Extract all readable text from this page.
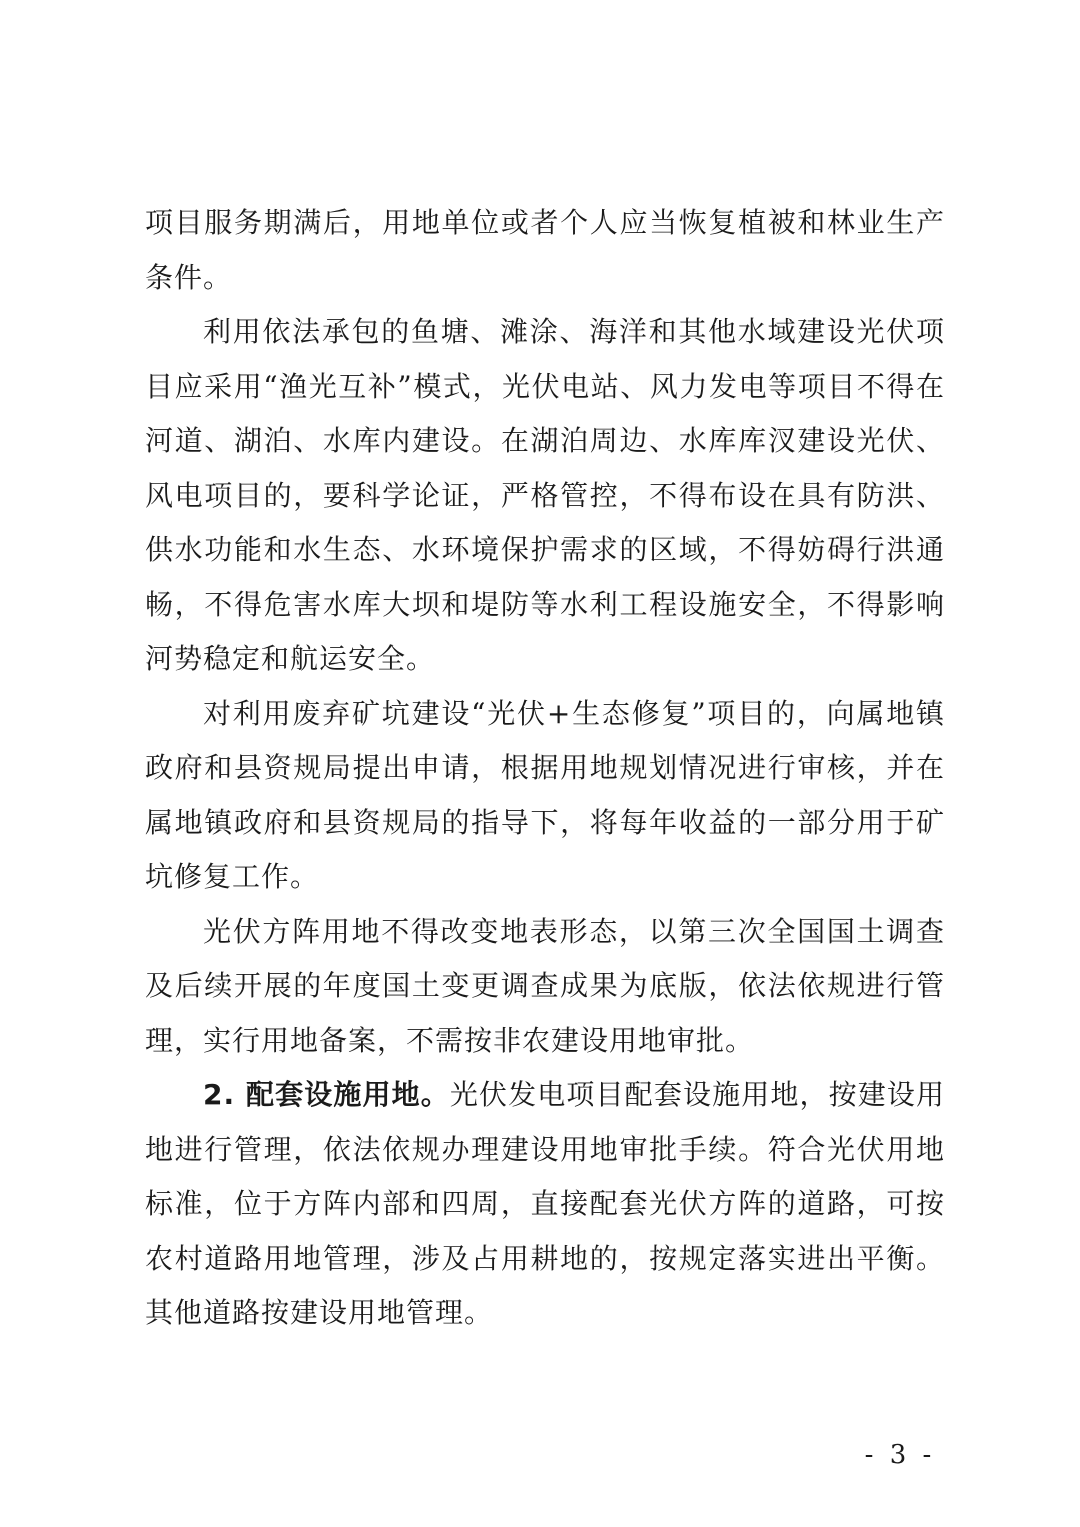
项目服务期满后，用地单位或者个人应当恢复植被和林业生产条件。

利用依法承包的鱼塘、滩涂、海洋和其他水域建设光伏项目应采用“渔光互补”模式，光伏电站、风力发电等项目不得在河道、湖泊、水库内建设。在湖泊周边、水库库汊建设光伏、风电项目的，要科学论证，严格管控，不得布设在具有防洪、供水功能和水生态、水环境保护需求的区域，不得妨碍行洪通畅，不得危害水库大坝和堤防等水利工程设施安全，不得影响河势稳定和航运安全。

对利用废弃矿坑建设“光伏+生态修复”项目的，向属地镇政府和县资规局提出申请，根据用地规划情况进行审核，并在属地镇政府和县资规局的指导下，将每年收益的一部分用于矿坑修复工作。

光伏方阵用地不得改变地表形态，以第三次全国国土调查及后续开展的年度国土变更调查成果为底版，依法依规进行管理，实行用地备案，不需按非农建设用地审批。

2. 配套设施用地。光伏发电项目配套设施用地，按建设用地进行管理，依法依规办理建设用地审批手续。符合光伏用地标准，位于方阵内部和四周，直接配套光伏方阵的道路，可按农村道路用地管理，涉及占用耕地的，按规定落实进出平衡。其他道路按建设用地管理。

- 3 -
